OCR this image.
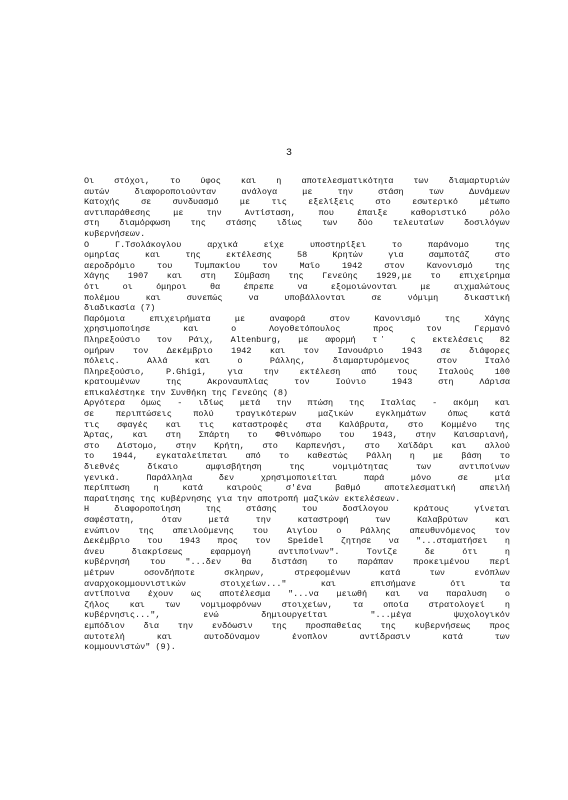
3
Οι στόχοι, το ύφος και η αποτελεσματικότητα των διαμαρτυριών
αυτών διαφοροποιούνταν ανάλογα με την στάση των Δυνάμεων
Κατοχής σε συνδυασμό με τις εξελίξεις στο εσωτερικό μέτωπο
αντιπαράθεσης με την Αντίσταση, που έπαιξε καθοριστικό ρόλο
στη διαμόρφωση της στάσης ιδίως των δύο τελευταίων δοσιλόγων
κυβερνήσεων.
Ο Γ.Τσολάκογλου αρχικά είχε υποστηρίξει το παράνομο της
ομηρίας και της εκτέλεσης 58 Κρητών για σαμποτάζ στο
αεροδρόμιο του Τυμπακίου τον Μαϊο 1942 στον Κανονισμό της
Χάγης 1907 και στη Σύμβαση της Γενεύης 1929,με το επιχείρημα
ότι οι όμηροι θα έπρεπε να εξομοιώνονται με αιχμαλώτους
πολέμου και συνεπώς να υποβάλλονται σε νόμιμη δικαστική
διαδικασία (7)
Παρόμοια επιχειρήματα με αναφορά στον Κανονισμό της Χάγης
χρησιμοποίησε και ο Λογοθετόπουλος προς τον Γερμανό
Πληρεξούσιο τον Ράιχ, Altenburg, με αφορμή τ ̓ ς εκτελέσεις 82
ομήρων τον Δεκέμβριο 1942 και τον Ιανουάριο 1943 σε διάφορες
πόλεις. Αλλά και ο Ράλλης, διαμαρτυρόμενος στον Ιταλό
Πληρεξούσιο, P.Ghigi, για την εκτέλεση από τους Ιταλούς 100
κρατουμένων της Ακροναυπλίας τον Ιούνιο 1943 στη Λάρισα
επικαλέστηκε την Συνθήκη της Γενεύης (8)
Αργότερα όμως - ιδίως μετά την πτώση της Ιταλίας - ακόμη και
σε περιπτώσεις πολύ τραγικότερων μαζικών εγκλημάτων όπως κατά
τις σφαγές και τις καταστροφές στα Καλάβρυτα, στο Κομμένο της
Άρτας, και στη Σπάρτη το Φθινόπωρο του 1943, στην Καισαριανή,
στο Δίστομο, στην Κρήτη, στο Καρπενήσι, στο Χαϊδάρι και αλλού
το 1944, εγκαταλείπεται από το καθεστώς Ράλλη η με βάση το
διεθνές δίκαιο αμφισβήτηση της νομιμότητας των αντιποίνων
γενικά. Παράλληλα δεν χρησιμοποιείται παρά μόνο σε μία
περίπτωση η κατά καιρούς σ'ένα βαθμό αποτελεσματική απειλή
παραίτησης της κυβέρνησης για την αποτροπή μαζικών εκτελέσεων.
Η διαφοροποίηση της στάσης του δοσίλογου κράτους γίνεται
σαφέστατη, όταν μετά την καταστροφή των Καλαβρύτων και
ενώπιον της απειλούμενης του Αιγίου ο Ράλλης απευθυνόμενος τον
Δεκέμβριο του 1943 προς τον Speidel ζητησε να "...σταματήσει η
άνευ διακρίσεως εφαρμογή αντιποίνων". Τονίζε δε ότι η
κυβέρνησή του "...δεν θα διστάση το παράπαν προκειμένου περί
μέτρων οσονδήποτε σκληρων, στρεφομένων κατά των ενόπλων
αναρχοκομμουνιστικών στοιχείων..." και επισήμανε ότι τα
αντίποινα έχουν ως αποτέλεσμα "...να μειωθή και να παραλυση ο
ζήλος και των νομιμοφρόνων στοιχείων, τα οποία στρατολογεί η
κυβέρνησις...", ενώ δημιουργείται "...μέγα ψυχολογικόν
εμπόδιον δια την ενδόωσιν της προσπαθείας της κυβερνήσεως προς
αυτοτελή και αυτοδύναμον ένοπλον αντίδρασιν κατά των
κομμουνιστών" (9).
